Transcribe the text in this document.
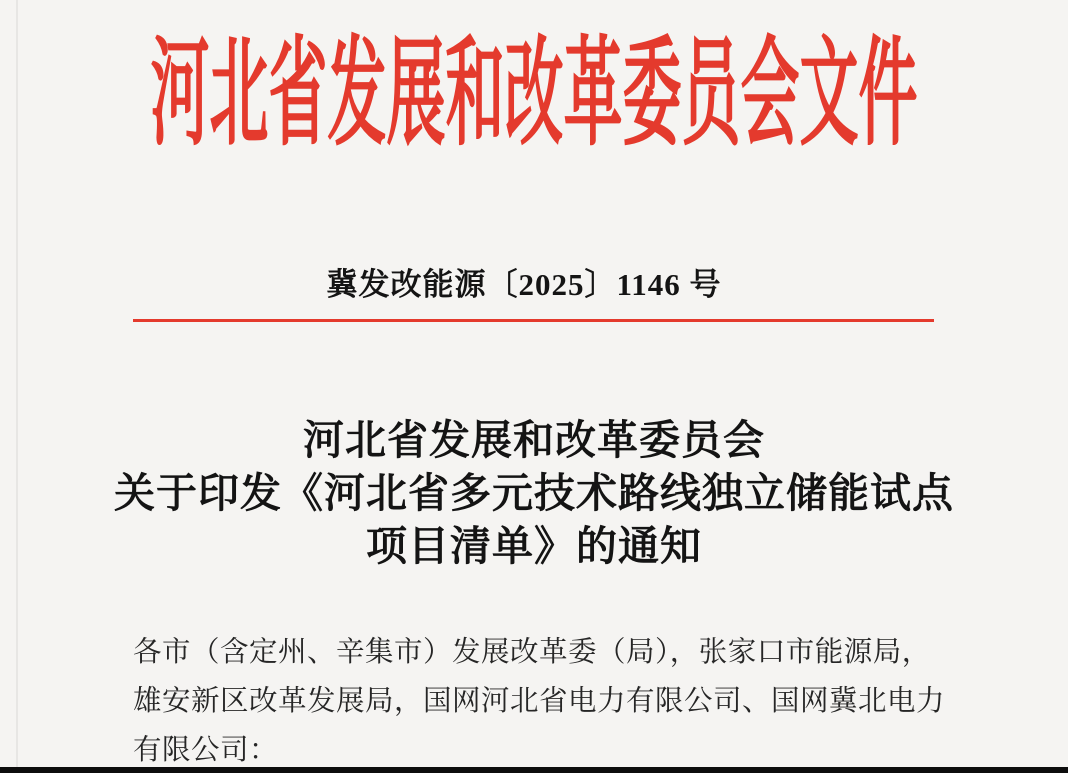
河北省发展和改革委员会文件
冀发改能源〔2025〕1146 号
河北省发展和改革委员会
关于印发《河北省多元技术路线独立储能试点
项目清单》的通知
各市（含定州、辛集市）发展改革委（局），张家口市能源局，
雄安新区改革发展局，国网河北省电力有限公司、国网冀北电力
有限公司：
